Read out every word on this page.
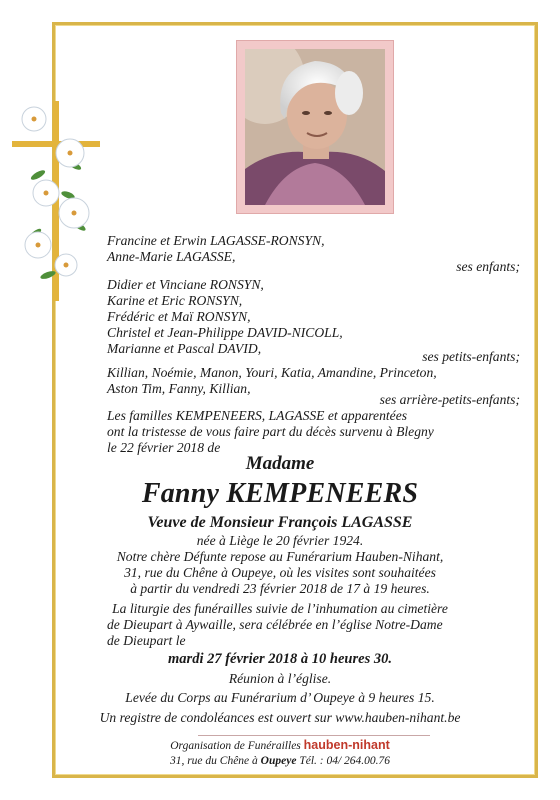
Francine et Erwin LAGASSE-RONSYN,
Anne-Marie LAGASSE,
ses enfants;
Didier et Vinciane RONSYN,
Karine et Eric RONSYN,
Frédéric et Maï RONSYN,
Christel et Jean-Philippe DAVID-NICOLL,
Marianne et Pascal DAVID,
ses petits-enfants;
Killian, Noémie, Manon, Youri, Katia, Amandine, Princeton,
Aston Tim, Fanny, Killian,
ses arrière-petits-enfants;
Les familles KEMPENEERS, LAGASSE et apparentées
ont la tristesse de vous faire part du décès survenu à Blegny
le 22 février 2018 de
Madame
Fanny KEMPENEERS
Veuve de Monsieur François LAGASSE
née à Liège le 20 février 1924.
Notre chère Défunte repose au Funérarium Hauben-Nihant,
31, rue du Chêne à Oupeye, où les visites sont souhaitées
à partir du vendredi 23 février 2018 de 17 à 19 heures.
La liturgie des funérailles suivie de l’inhumation au cimetière
de Dieupart à Aywaille, sera célébrée en l’église Notre-Dame
de Dieupart le
mardi 27 février 2018 à 10 heures 30.
Réunion à l’église.
Levée du Corps au Funérarium d’ Oupeye à 9 heures 15.
Un registre de condoléances est ouvert sur www.hauben-nihant.be
Organisation de Funérailles hauben-nihant
31, rue du Chêne à Oupeye Tél. : 04/ 264.00.76
